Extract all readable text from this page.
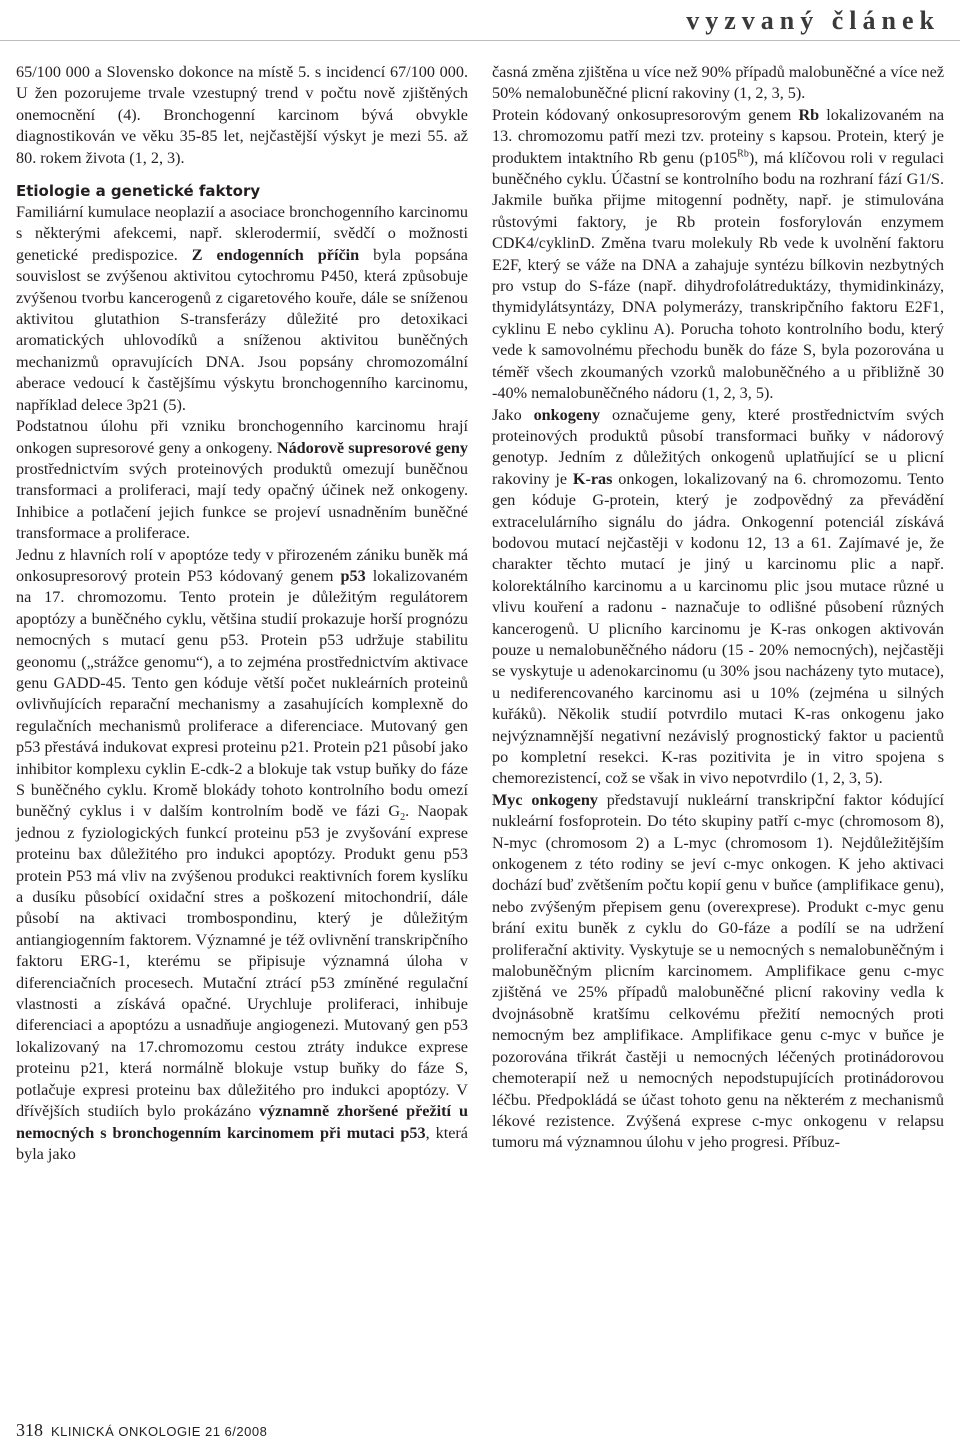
vyzvaný článek

65/100 000 a Slovensko dokonce na místě 5. s incidencí 67/100 000. U žen pozorujeme trvale vzestupný trend v počtu nově zjištěných onemocnění (4). Bronchogenní karcinom bývá obvykle diagnostikován ve věku 35-85 let, nejčastější výskyt je mezi 55. až 80. rokem života (1, 2, 3).

Etiologie a genetické faktory

Familiární kumulace neoplazií a asociace bronchogenního karcinomu s některými afekcemi, např. sklerodermií, svědčí o možnosti genetické predispozice. Z endogenních příčin byla popsána souvislost se zvýšenou aktivitou cytochromu P450, která způsobuje zvýšenou tvorbu kancerogenů z cigaretového kouře, dále se sníženou aktivitou glutathion S-transferázy důležité pro detoxikaci aromatických uhlovodíků a sníženou aktivitou buněčných mechanizmů opravujících DNA. Jsou popsány chromozomální aberace vedoucí k častějšímu výskytu bronchogenního karcinomu, například delece 3p21 (5).

Podstatnou úlohu při vzniku bronchogenního karcinomu hrají onkogen supresorové geny a onkogeny. Nádorově supresorové geny prostřednictvím svých proteinových produktů omezují buněčnou transformaci a proliferaci, mají tedy opačný účinek než onkogeny. Inhibice a potlačení jejich funkce se projeví usnadněním buněčné transformace a proliferace.

Jednu z hlavních rolí v apoptóze tedy v přirozeném zániku buněk má onkosupresorový protein P53 kódovaný genem p53 lokalizovaném na 17. chromozomu. Tento protein je důležitým regulátorem apoptózy a buněčného cyklu, většina studií prokazuje horší prognózu nemocných s mutací genu p53. Protein p53 udržuje stabilitu geonomu („strážce genomu“), a to zejména prostřednictvím aktivace genu GADD-45. Tento gen kóduje větší počet nukleárních proteinů ovlivňujících reparační mechanismy a zasahujících komplexně do regulačních mechanismů proliferace a diferenciace. Mutovaný gen p53 přestává indukovat expresi proteinu p21. Protein p21 působí jako inhibitor komplexu cyklin E-cdk-2 a blokuje tak vstup buňky do fáze S buněčného cyklu. Kromě blokády tohoto kontrolního bodu omezí buněčný cyklus i v dalším kontrolním bodě ve fázi $G_2$. Naopak jednou z fyziologických funkcí proteinu p53 je zvyšování exprese proteinu bax důležitého pro indukci apoptózy. Produkt genu p53 protein P53 má vliv na zvýšenou produkci reaktivních forem kyslíku a dusíku působící oxidační stres a poškození mitochondrií, dále působí na aktivaci trombospondinu, který je důležitým antiangiogenním faktorem. Významné je též ovlivnění transkripčního faktoru ERG-1, kterému se připisuje významná úloha v diferenciačních procesech. Mutační ztrácí p53 zmíněné regulační vlastnosti a získává opačné. Urychluje proliferaci, inhibuje diferenciaci a apoptózu a usnadňuje angiogenezi. Mutovaný gen p53 lokalizovaný na 17.chromozomu cestou ztráty indukce exprese proteinu p21, která normálně blokuje vstup buňky do fáze S, potlačuje expresi proteinu bax důležitého pro indukci apoptózy. V dřívějších studiích bylo prokázáno významně zhoršené přežití u nemocných s bronchogenním karcinomem při mutaci p53, která byla jako

časná změna zjištěna u více než 90% případů malobuněčné a více než 50% nemalobuněčné plicní rakoviny (1, 2, 3, 5).

Protein kódovaný onkosupresorovým genem Rb lokalizovaném na 13. chromozomu patří mezi tzv. proteiny s kapsou. Protein, který je produktem intaktního Rb genu $(p105^{Rb})$, má klíčovou roli v regulaci buněčného cyklu. Účastní se kontrolního bodu na rozhraní fází G1/S. Jakmile buňka přijme mitogenní podněty, např. je stimulována růstovými faktory, je Rb protein fosforylován enzymem CDK4/cyklinD. Změna tvaru molekuly Rb vede k uvolnění faktoru E2F, který se váže na DNA a zahajuje syntézu bílkovin nezbytných pro vstup do S-fáze (např. dihydrofolátreduktázy, thymidinkinázy, thymidylátsyntázy, DNA polymerázy, transkripčního faktoru E2F1, cyklinu E nebo cyklinu A). Porucha tohoto kontrolního bodu, který vede k samovolnému přechodu buněk do fáze S, byla pozorována u téměř všech zkoumaných vzorků malobuněčného a u přibližně 30 -40% nemalobuněčného nádoru (1, 2, 3, 5).

Jako onkogeny označujeme geny, které prostřednictvím svých proteinových produktů působí transformaci buňky v nádorový genotyp. Jedním z důležitých onkogenů uplatňující se u plicní rakoviny je K-ras onkogen, lokalizovaný na 6. chromozomu. Tento gen kóduje G-protein, který je zodpovědný za převádění extracelulárního signálu do jádra. Onkogenní potenciál získává bodovou mutací nejčastěji v kodonu 12, 13 a 61. Zajímavé je, že charakter těchto mutací je jiný u karcinomu plic a např. kolorektálního karcinomu a u karcinomu plic jsou mutace různé u vlivu kouření a radonu - naznačuje to odlišné působení různých kancerogenů. U plicního karcinomu je K-ras onkogen aktivován pouze u nemalobuněčného nádoru (15 - 20% nemocných), nejčastěji se vyskytuje u adenokarcinomu (u 30% jsou nacházeny tyto mutace), u nediferencovaného karcinomu asi u 10% (zejména u silných kuřáků). Několik studií potvrdilo mutaci K-ras onkogenu jako nejvýznamnější negativní nezávislý prognostický faktor u pacientů po kompletní resekci. K-ras pozitivita je in vitro spojena s chemorezistencí, což se však in vivo nepotvrdilo (1, 2, 3, 5).

Myc onkogeny představují nukleární transkripční faktor kódující nukleární fosfoprotein. Do této skupiny patří c-myc (chromosom 8), N-myc (chromosom 2) a L-myc (chromosom 1). Nejdůležitějším onkogenem z této rodiny se jeví c-myc onkogen. K jeho aktivaci dochází buď zvětšením počtu kopií genu v buňce (amplifikace genu), nebo zvýšeným přepisem genu (overexprese). Produkt c-myc genu brání exitu buněk z cyklu do G0-fáze a podílí se na udržení proliferační aktivity. Vyskytuje se u nemocných s nemalobuněčným i malobuněčným plicním karcinomem. Amplifikace genu c-myc zjištěná ve 25% případů malobuněčné plicní rakoviny vedla k dvojnásobně kratšímu celkovému přežití nemocných proti nemocným bez amplifikace. Amplifikace genu c-myc v buňce je pozorována třikrát častěji u nemocných léčených protinádorovou chemoterapií než u nemocných nepodstupujících protinádorovou léčbu. Předpokládá se účast tohoto genu na některém z mechanismů lékové rezistence. Zvýšená exprese c-myc onkogenu v relapsu tumoru má významnou úlohu v jeho progresi. Příbuz-

318 KLINICKÁ ONKOLOGIE 21 6/2008
